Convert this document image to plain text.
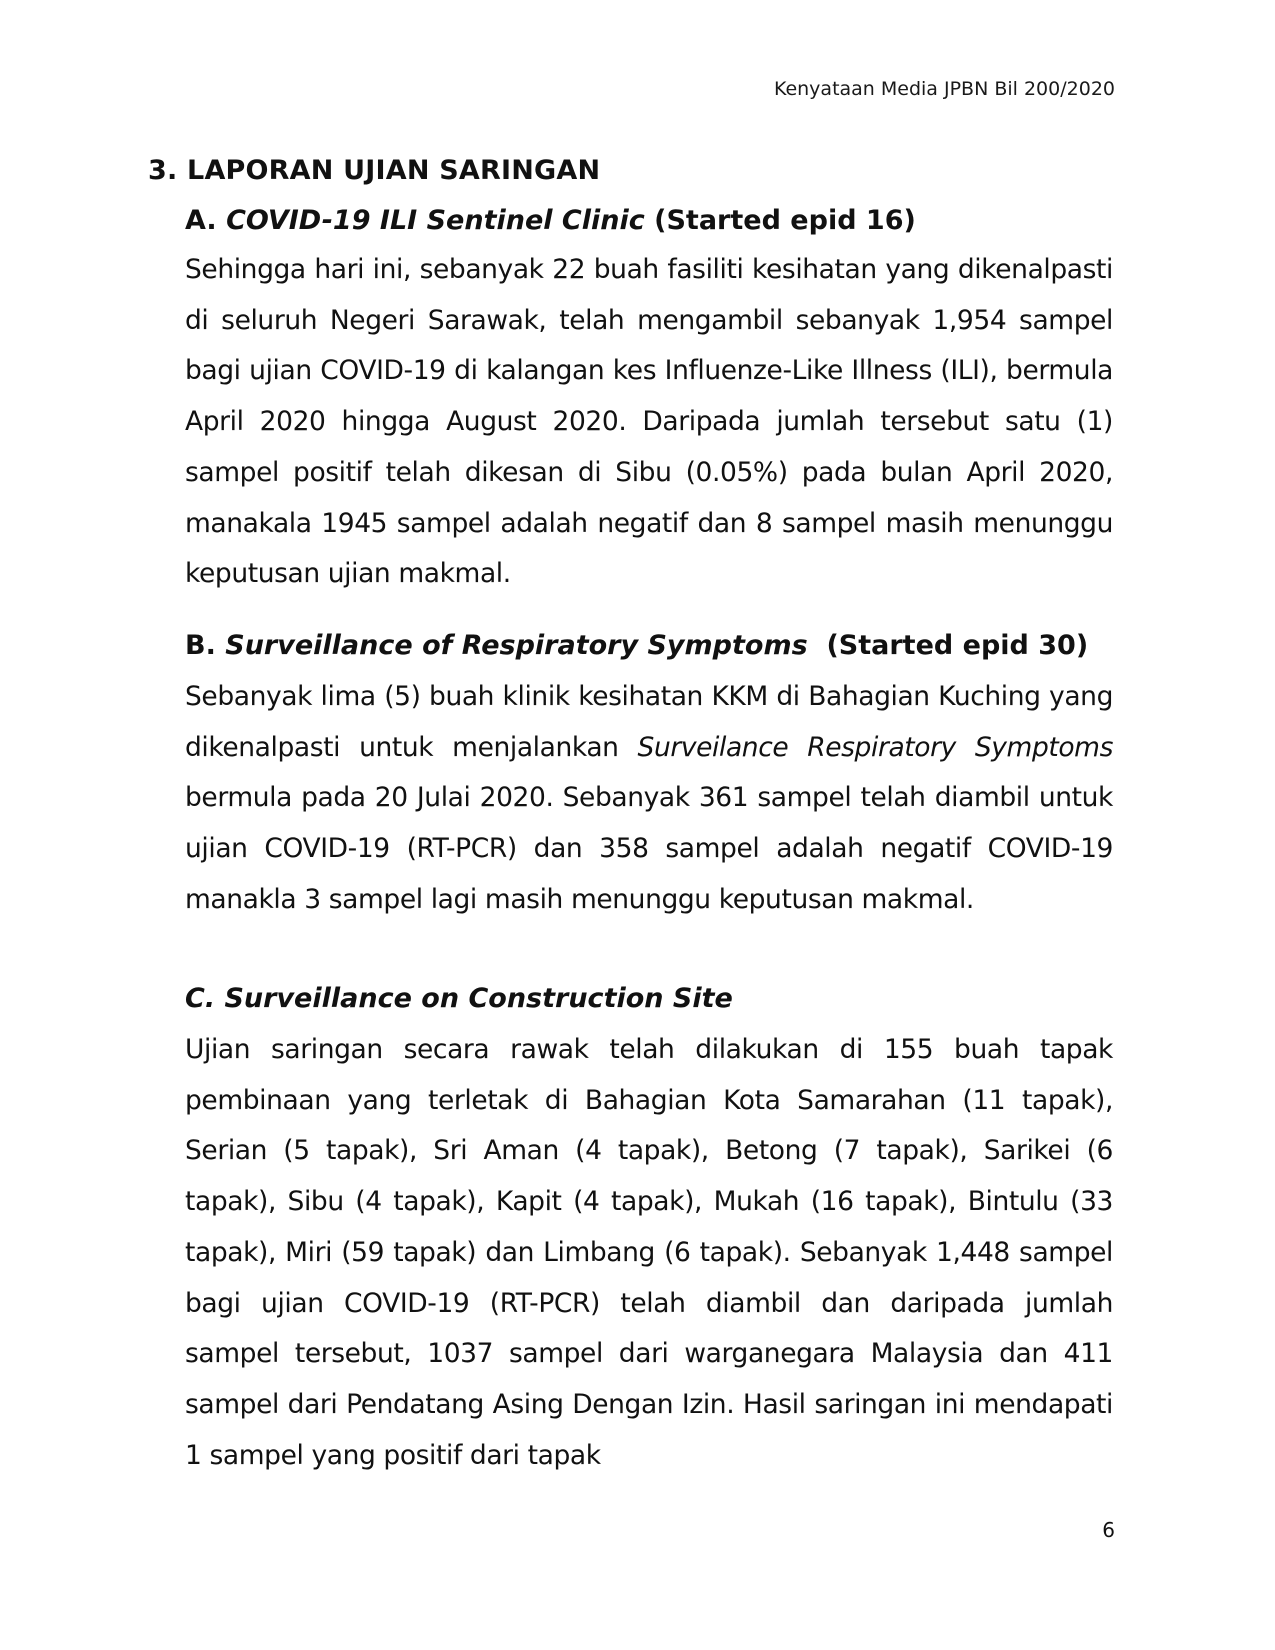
Kenyataan Media JPBN Bil 200/2020
3. LAPORAN UJIAN SARINGAN
A. COVID-19 ILI Sentinel Clinic (Started epid 16)

Sehingga hari ini, sebanyak 22 buah fasiliti kesihatan yang dikenalpasti di seluruh Negeri Sarawak, telah mengambil sebanyak 1,954 sampel bagi ujian COVID-19 di kalangan kes Influenze-Like Illness (ILI), bermula April 2020 hingga August 2020. Daripada jumlah tersebut satu (1) sampel positif telah dikesan di Sibu (0.05%) pada bulan April 2020, manakala 1945 sampel adalah negatif dan 8 sampel masih menunggu keputusan ujian makmal.

B. Surveillance of Respiratory Symptoms  (Started epid 30)

Sebanyak lima (5) buah klinik kesihatan KKM di Bahagian Kuching yang dikenalpasti untuk menjalankan Surveilance Respiratory Symptoms bermula pada 20 Julai 2020. Sebanyak 361 sampel telah diambil untuk ujian COVID-19 (RT-PCR) dan 358 sampel adalah negatif COVID-19 manakla 3 sampel lagi masih menunggu keputusan makmal.

C. Surveillance on Construction Site

Ujian saringan secara rawak telah dilakukan di 155 buah tapak pembinaan yang terletak di Bahagian Kota Samarahan (11 tapak), Serian (5 tapak), Sri Aman (4 tapak), Betong (7 tapak), Sarikei (6 tapak), Sibu (4 tapak), Kapit (4 tapak), Mukah (16 tapak), Bintulu (33 tapak), Miri (59 tapak) dan Limbang (6 tapak). Sebanyak 1,448 sampel bagi ujian COVID-19 (RT-PCR) telah diambil dan daripada jumlah sampel tersebut, 1037 sampel dari warganegara Malaysia dan 411 sampel dari Pendatang Asing Dengan Izin. Hasil saringan ini mendapati 1 sampel yang positif dari tapak

6
